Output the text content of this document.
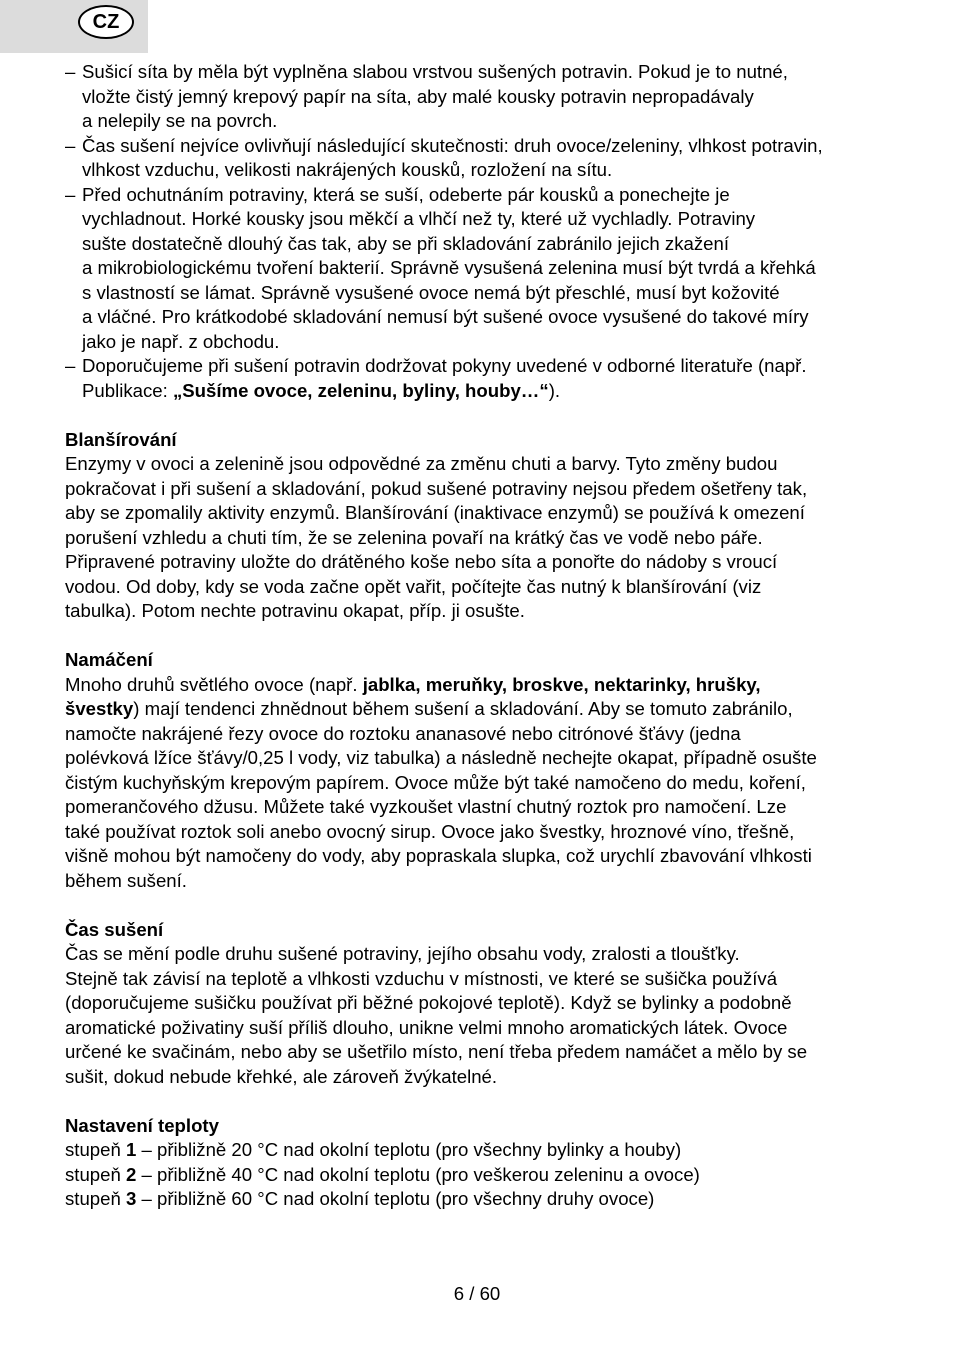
CZ
– Sušicí síta by měla být vyplněna slabou vrstvou sušených potravin. Pokud je to nutné,
vložte čistý jemný krepový papír na síta, aby malé kousky potravin nepropadávaly
a nelepily se na povrch.
– Čas sušení nejvíce ovlivňují následující skutečnosti: druh ovoce/zeleniny, vlhkost potravin,
vlhkost vzduchu, velikosti nakrájených kousků, rozložení na sítu.
– Před ochutnáním potraviny, která se suší, odeberte pár kousků a ponechejte je
vychladnout. Horké kousky jsou měkčí a vlhčí než ty, které už vychladly. Potraviny
sušte dostatečně dlouhý čas tak, aby se při skladování zabránilo jejich zkažení
a mikrobiologickému tvoření bakterií. Správně vysušená zelenina musí být tvrdá a křehká
s vlastností se lámat. Správně vysušené ovoce nemá být přeschlé, musí byt kožovité
a vláčné. Pro krátkodobé skladování nemusí být sušené ovoce vysušené do takové míry
jako je např. z obchodu.
– Doporučujeme při sušení potravin dodržovat pokyny uvedené v odborné literatuře (např.
Publikace: „Sušíme ovoce, zeleninu, byliny, houby…“).
Blanšírování
Enzymy v ovoci a zelenině jsou odpovědné za změnu chuti a barvy. Tyto změny budou
pokračovat i při sušení a skladování, pokud sušené potraviny nejsou předem ošetřeny tak,
aby se zpomalily aktivity enzymů. Blanšírování (inaktivace enzymů) se používá k omezení
porušení vzhledu a chuti tím, že se zelenina povaří na krátký čas ve vodě nebo páře.
Připravené potraviny uložte do drátěného koše nebo síta a ponořte do nádoby s vroucí
vodou. Od doby, kdy se voda začne opět vařit, počítejte čas nutný k blanšírování (viz
tabulka). Potom nechte potravinu okapat, příp. ji osušte.
Namáčení
Mnoho druhů světlého ovoce (např. jablka, meruňky, broskve, nektarinky, hrušky,
švestky) mají tendenci zhnědnout během sušení a skladování. Aby se tomuto zabránilo,
namočte nakrájené řezy ovoce do roztoku ananasové nebo citrónové šťávy (jedna
polévková lžíce šťávy/0,25 l vody, viz tabulka) a následně nechejte okapat, případně osušte
čistým kuchyňským krepovým papírem. Ovoce může být také namočeno do medu, koření,
pomerančového džusu. Můžete také vyzkoušet vlastní chutný roztok pro namočení. Lze
také používat roztok soli anebo ovocný sirup. Ovoce jako švestky, hroznové víno, třešně,
višně mohou být namočeny do vody, aby popraskala slupka, což urychlí zbavování vlhkosti
během sušení.
Čas sušení
Čas se mění podle druhu sušené potraviny, jejího obsahu vody, zralosti a tloušťky.
Stejně tak závisí na teplotě a vlhkosti vzduchu v místnosti, ve které se sušička používá
(doporučujeme sušičku používat při běžné pokojové teplotě). Když se bylinky a podobně
aromatické poživatiny suší příliš dlouho, unikne velmi mnoho aromatických látek. Ovoce
určené ke svačinám, nebo aby se ušetřilo místo, není třeba předem namáčet a mělo by se
sušit, dokud nebude křehké, ale zároveň žvýkatelné.
Nastavení teploty
stupeň 1 – přibližně 20 °C nad okolní teplotu (pro všechny bylinky a houby)
stupeň 2 – přibližně 40 °C nad okolní teplotu (pro veškerou zeleninu a ovoce)
stupeň 3 – přibližně 60 °C nad okolní teplotu (pro všechny druhy ovoce)
6 / 60
